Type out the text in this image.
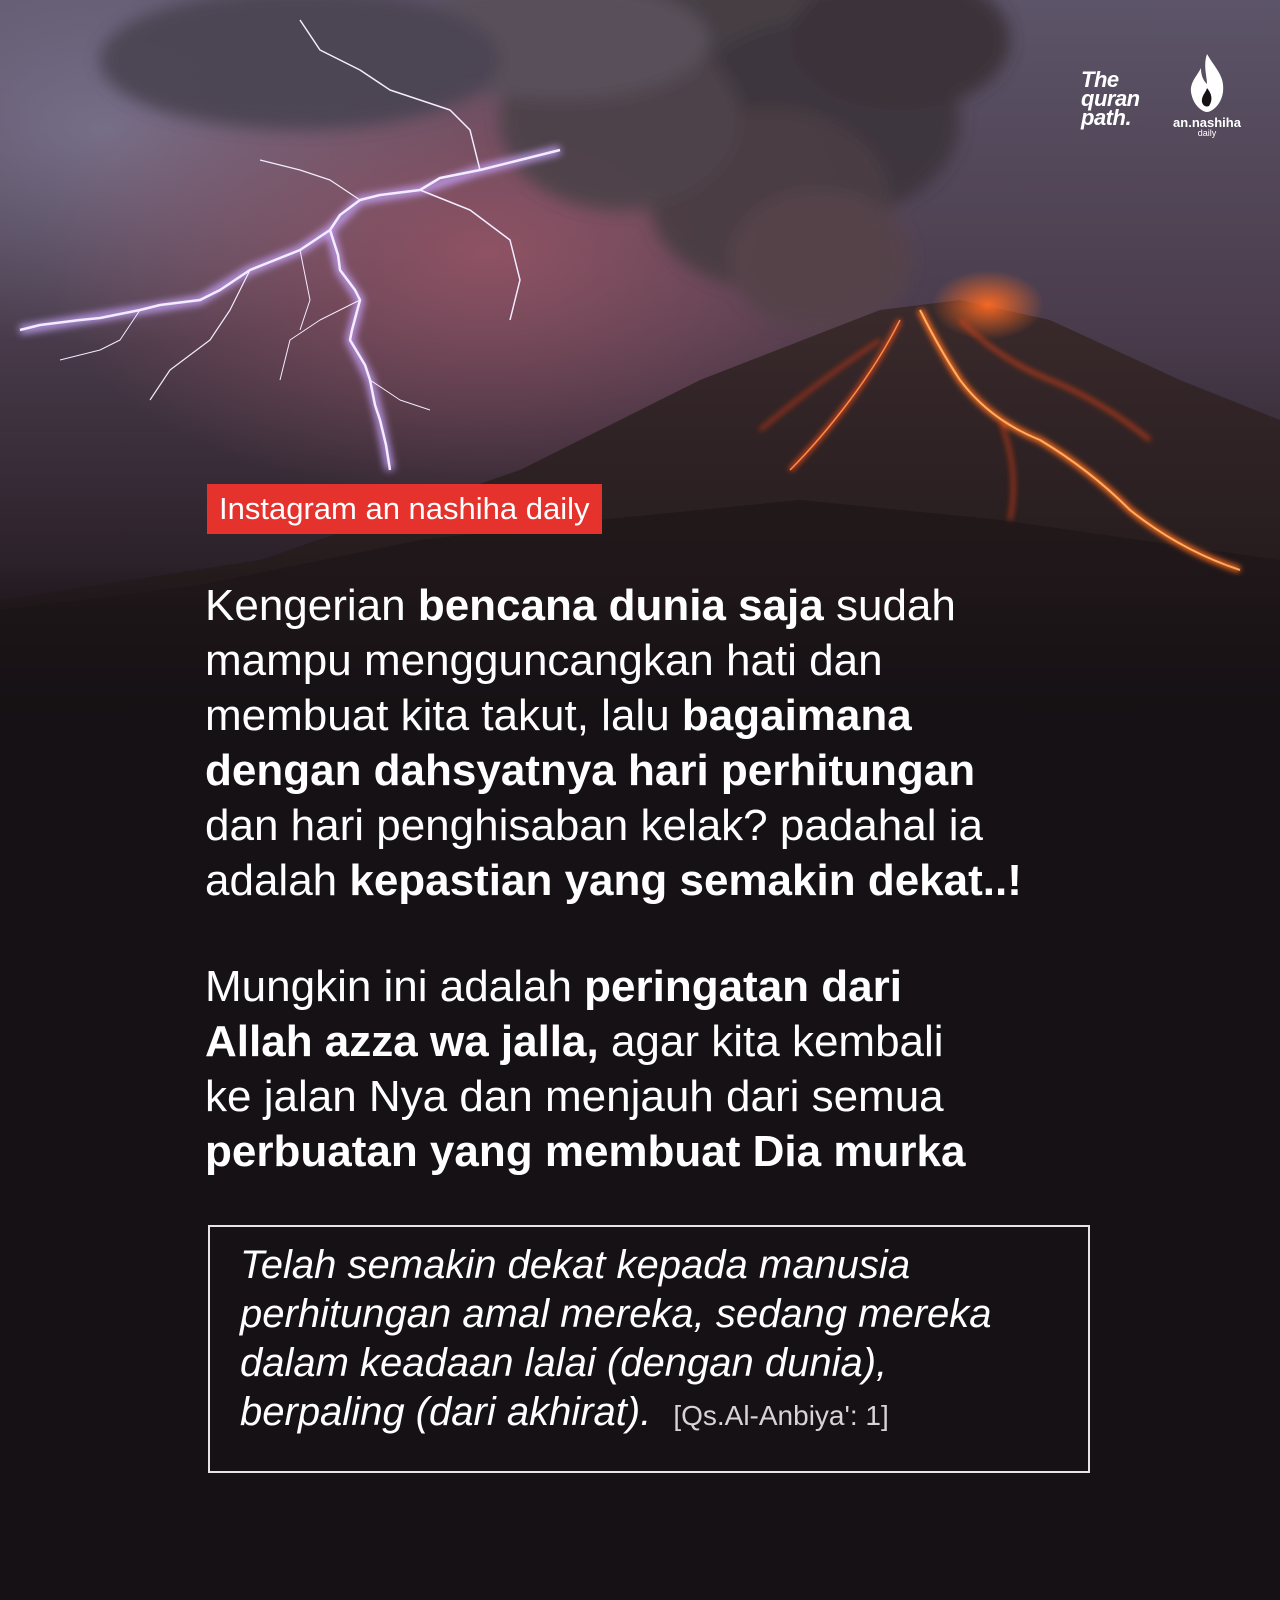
The
quran
path.	an.nashiha
daily
Instagram an nashiha daily
Kengerian bencana dunia saja sudah
mampu mengguncangkan hati dan
membuat kita takut, lalu bagaimana
dengan dahsyatnya hari perhitungan
dan hari penghisaban kelak? padahal ia
adalah kepastian yang semakin dekat..!
Mungkin ini adalah peringatan dari
Allah azza wa jalla, agar kita kembali
ke jalan Nya dan menjauh dari semua
perbuatan yang membuat Dia murka
Telah semakin dekat kepada manusia
perhitungan amal mereka, sedang mereka
dalam keadaan lalai (dengan dunia),
berpaling (dari akhirat). [Qs.Al-Anbiya': 1]
